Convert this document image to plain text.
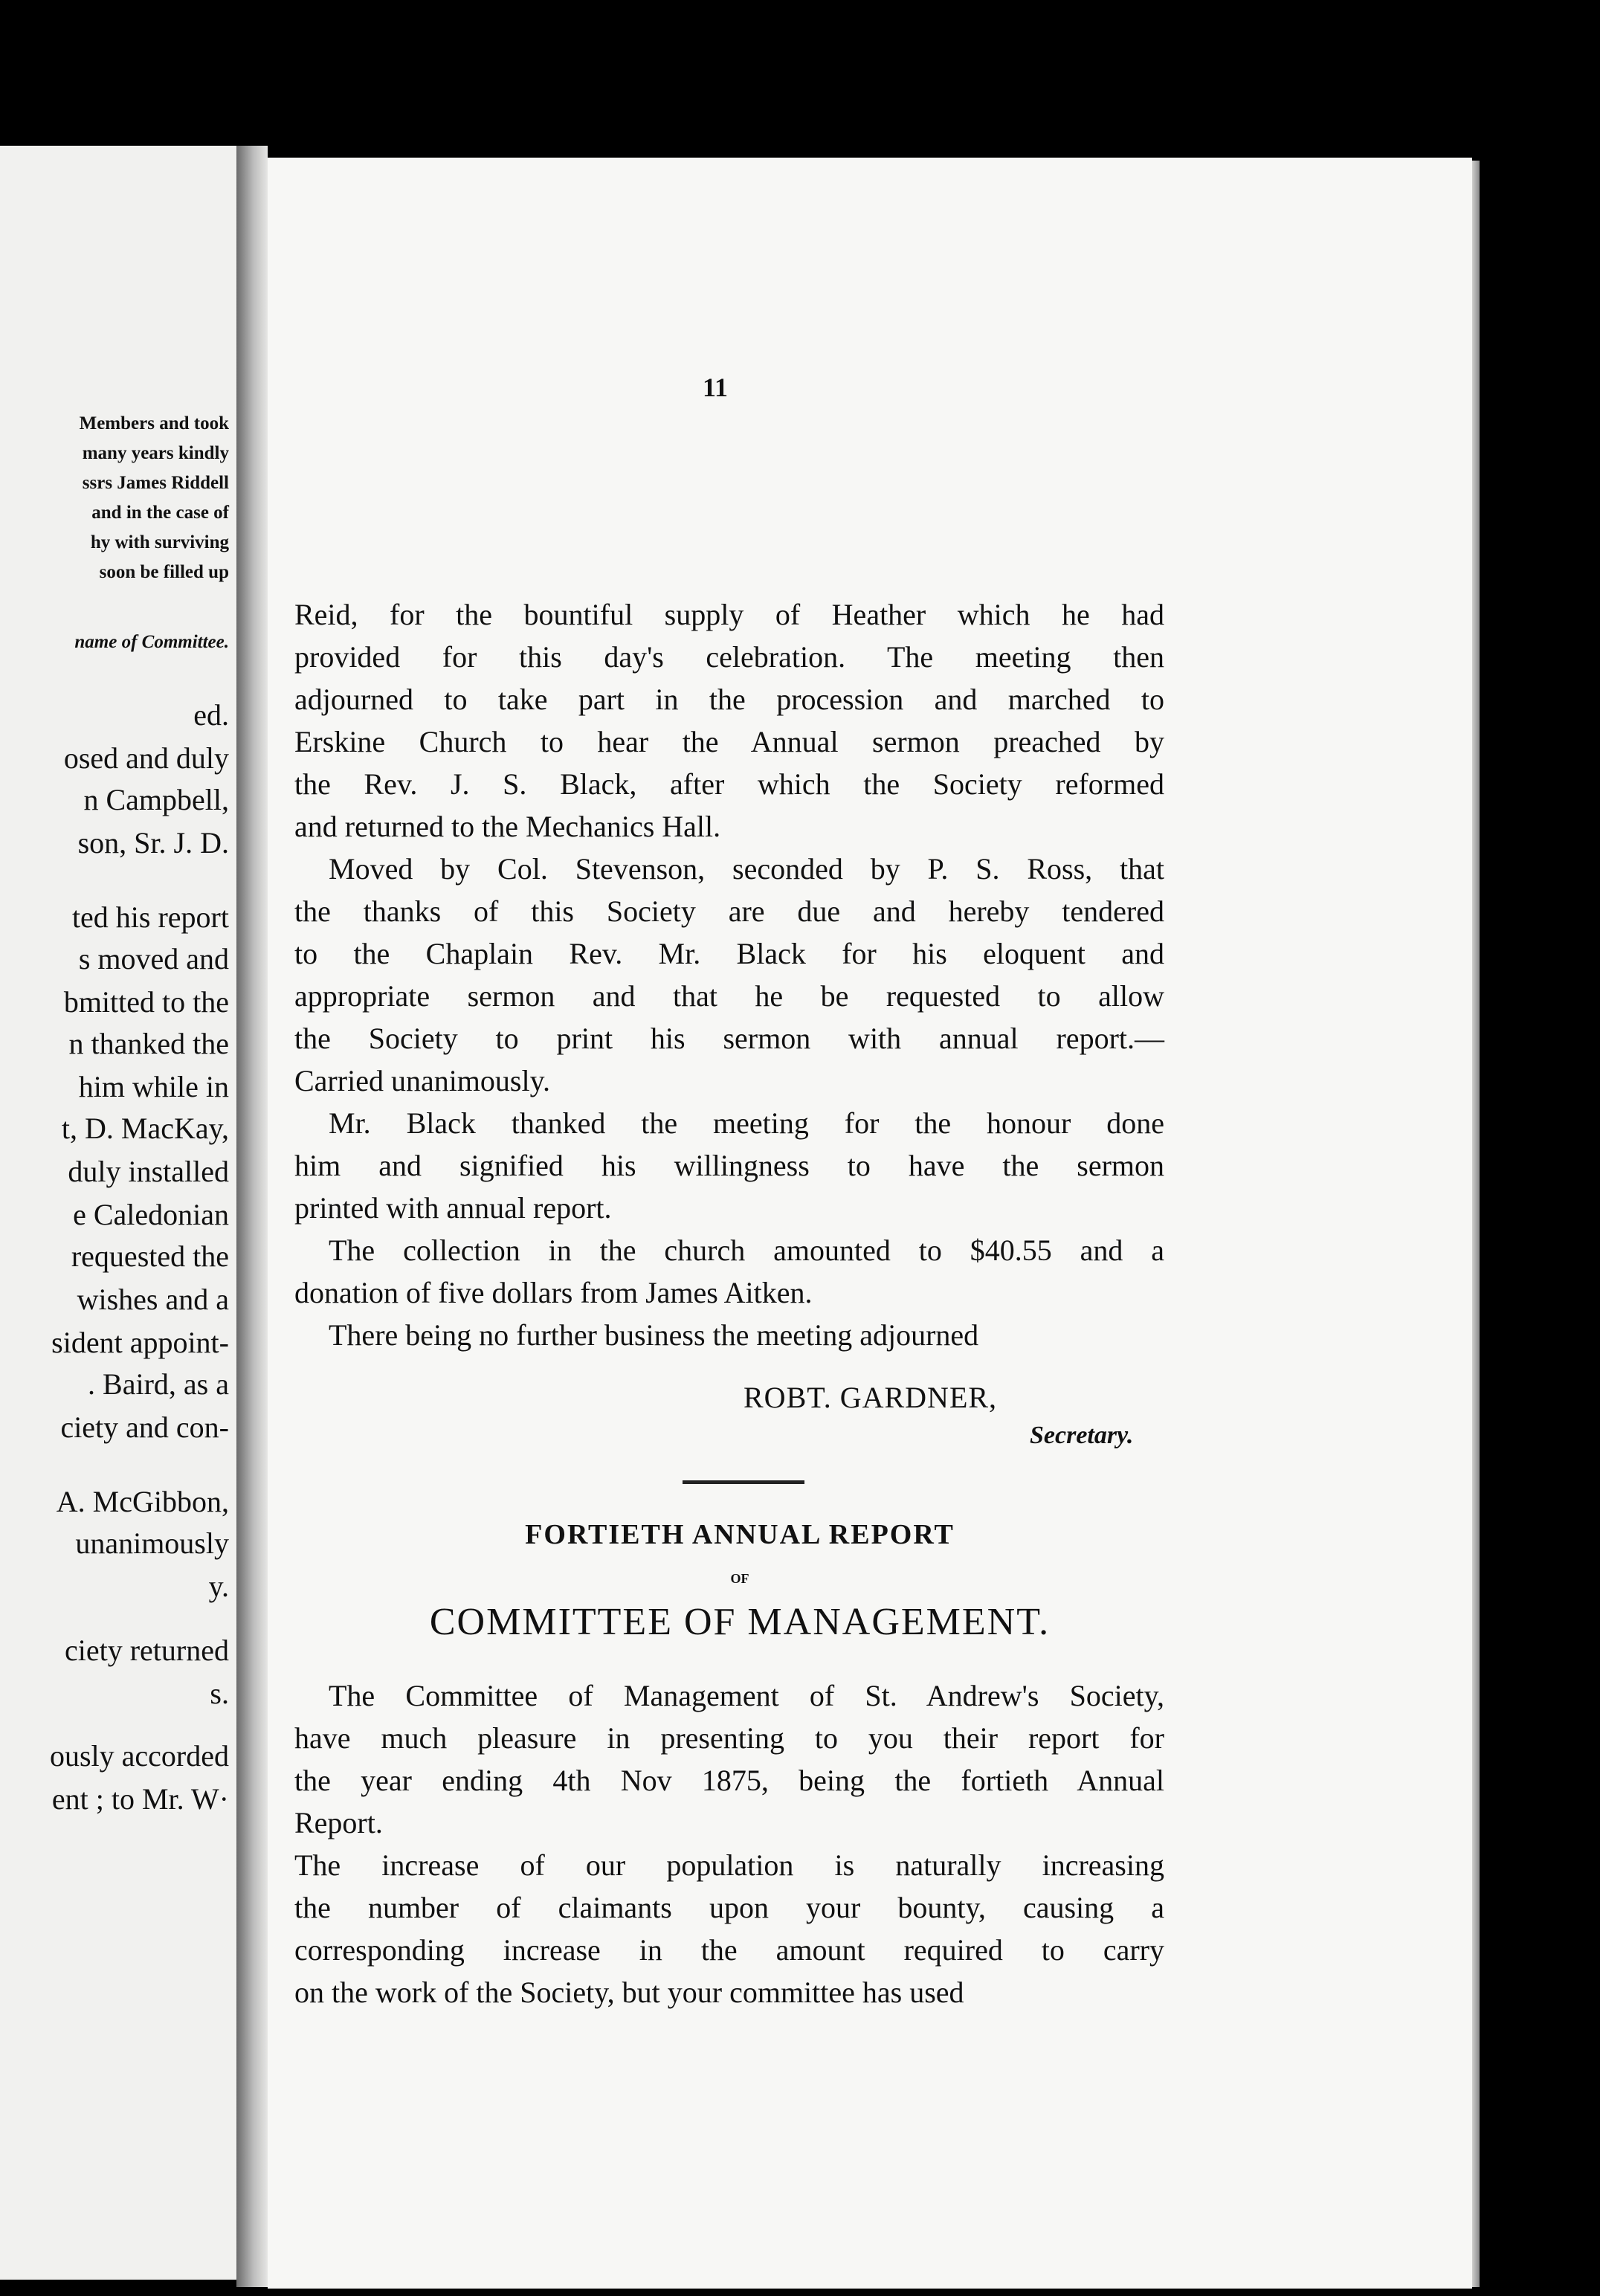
Members and took
many years kindly
ssrs James Riddell
and in the case of
hy with surviving
soon be filled up
name of Committee.
ed.
osed and duly
n Campbell,
son, Sr. J. D.
ted his report
s moved and
bmitted to the
n thanked the
him while in
t, D. MacKay,
duly installed
e Caledonian
requested the
wishes and a
sident appoint-
. Baird, as a
ciety and con-
A. McGibbon,
unanimously
y.
ciety returned
s.
ously accorded
ent ; to Mr. W·
11
Reid, for the bountiful supply of Heather which he had
provided for this day's celebration. The meeting then
adjourned to take part in the procession and marched to
Erskine Church to hear the Annual sermon preached by
the Rev. J. S. Black, after which the Society reformed
and returned to the Mechanics Hall.
Moved by Col. Stevenson, seconded by P. S. Ross, that
the thanks of this Society are due and hereby tendered
to the Chaplain Rev. Mr. Black for his eloquent and
appropriate sermon and that he be requested to allow
the Society to print his sermon with annual report.—
Carried unanimously.
Mr. Black thanked the meeting for the honour done
him and signified his willingness to have the sermon
printed with annual report.
The collection in the church amounted to $40.55 and a
donation of five dollars from James Aitken.
There being no further business the meeting adjourned
ROBT. GARDNER,
Secretary.
FORTIETH ANNUAL REPORT
OF
COMMITTEE OF MANAGEMENT.
The Committee of Management of St. Andrew's Society,
have much pleasure in presenting to you their report for
the year ending 4th Nov 1875, being the fortieth Annual
Report.
The increase of our population is naturally increasing
the number of claimants upon your bounty, causing a
corresponding increase in the amount required to carry
on the work of the Society, but your committee has used
